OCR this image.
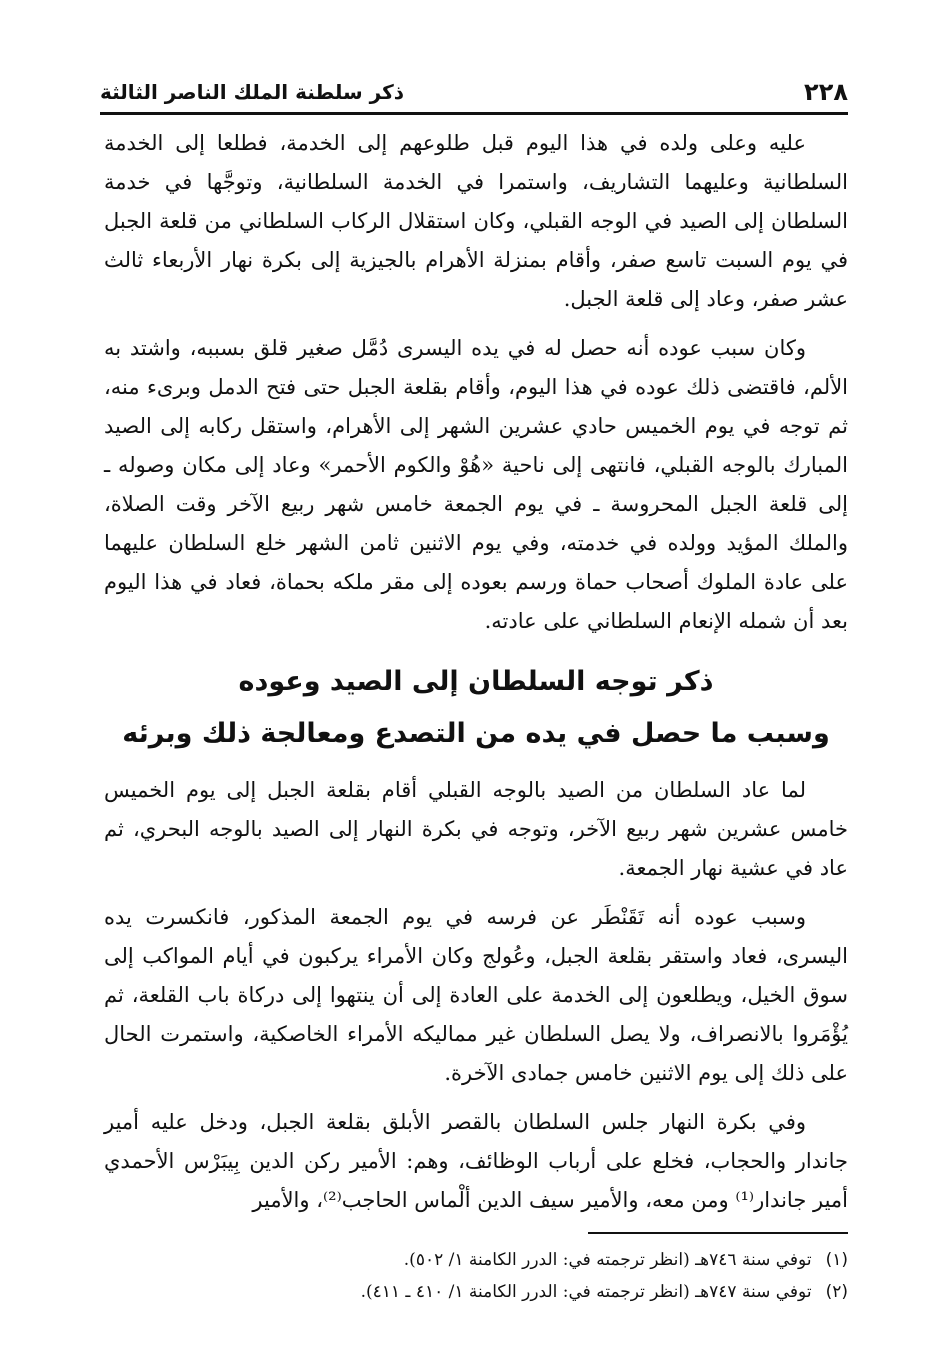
٢٢٨
ذكر سلطنة الملك الناصر الثالثة

عليه وعلى ولده في هذا اليوم قبل طلوعهم إلى الخدمة، فطلعا إلى الخدمة السلطانية وعليهما التشاريف، واستمرا في الخدمة السلطانية، وتوجَّها في خدمة السلطان إلى الصيد في الوجه القبلي، وكان استقلال الركاب السلطاني من قلعة الجبل في يوم السبت تاسع صفر، وأقام بمنزلة الأهرام بالجيزية إلى بكرة نهار الأربعاء ثالث عشر صفر، وعاد إلى قلعة الجبل.

وكان سبب عوده أنه حصل له في يده اليسرى دُمَّل صغير قلق بسببه، واشتد به الألم، فاقتضى ذلك عوده في هذا اليوم، وأقام بقلعة الجبل حتى فتح الدمل وبرىء منه، ثم توجه في يوم الخميس حادي عشرين الشهر إلى الأهرام، واستقل ركابه إلى الصيد المبارك بالوجه القبلي، فانتهى إلى ناحية «هُوْ والكوم الأحمر» وعاد إلى مكان وصوله ـ إلى قلعة الجبل المحروسة ـ في يوم الجمعة خامس شهر ربيع الآخر وقت الصلاة، والملك المؤيد وولده في خدمته، وفي يوم الاثنين ثامن الشهر خلع السلطان عليهما على عادة الملوك أصحاب حماة ورسم بعوده إلى مقر ملكه بحماة، فعاد في هذا اليوم بعد أن شمله الإنعام السلطاني على عادته.

ذكر توجه السلطان إلى الصيد وعوده
وسبب ما حصل في يده من التصدع ومعالجة ذلك وبرئه

لما عاد السلطان من الصيد بالوجه القبلي أقام بقلعة الجبل إلى يوم الخميس خامس عشرين شهر ربيع الآخر، وتوجه في بكرة النهار إلى الصيد بالوجه البحري، ثم عاد في عشية نهار الجمعة.

وسبب عوده أنه تَقَنْطَر عن فرسه في يوم الجمعة المذكور، فانكسرت يده اليسرى، فعاد واستقر بقلعة الجبل، وعُولج وكان الأمراء يركبون في أيام المواكب إلى سوق الخيل، ويطلعون إلى الخدمة على العادة إلى أن ينتهوا إلى دركاة باب القلعة، ثم يُؤْمَروا بالانصراف، ولا يصل السلطان غير مماليكه الأمراء الخاصكية، واستمرت الحال على ذلك إلى يوم الاثنين خامس جمادى الآخرة.

وفي بكرة النهار جلس السلطان بالقصر الأبلق بقلعة الجبل، ودخل عليه أمير جاندار والحجاب، فخلع على أرباب الوظائف، وهم: الأمير ركن الدين بِيبَرْس الأحمدي أمير جاندار⁽¹⁾ ومن معه، والأمير سيف الدين ألْماس الحاجب⁽²⁾، والأمير

(١)
توفي سنة ٧٤٦هـ (انظر ترجمته في: الدرر الكامنة ١/ ٥٠٢).
(٢)
توفي سنة ٧٤٧هـ (انظر ترجمته في: الدرر الكامنة ١/ ٤١٠ ـ ٤١١).
